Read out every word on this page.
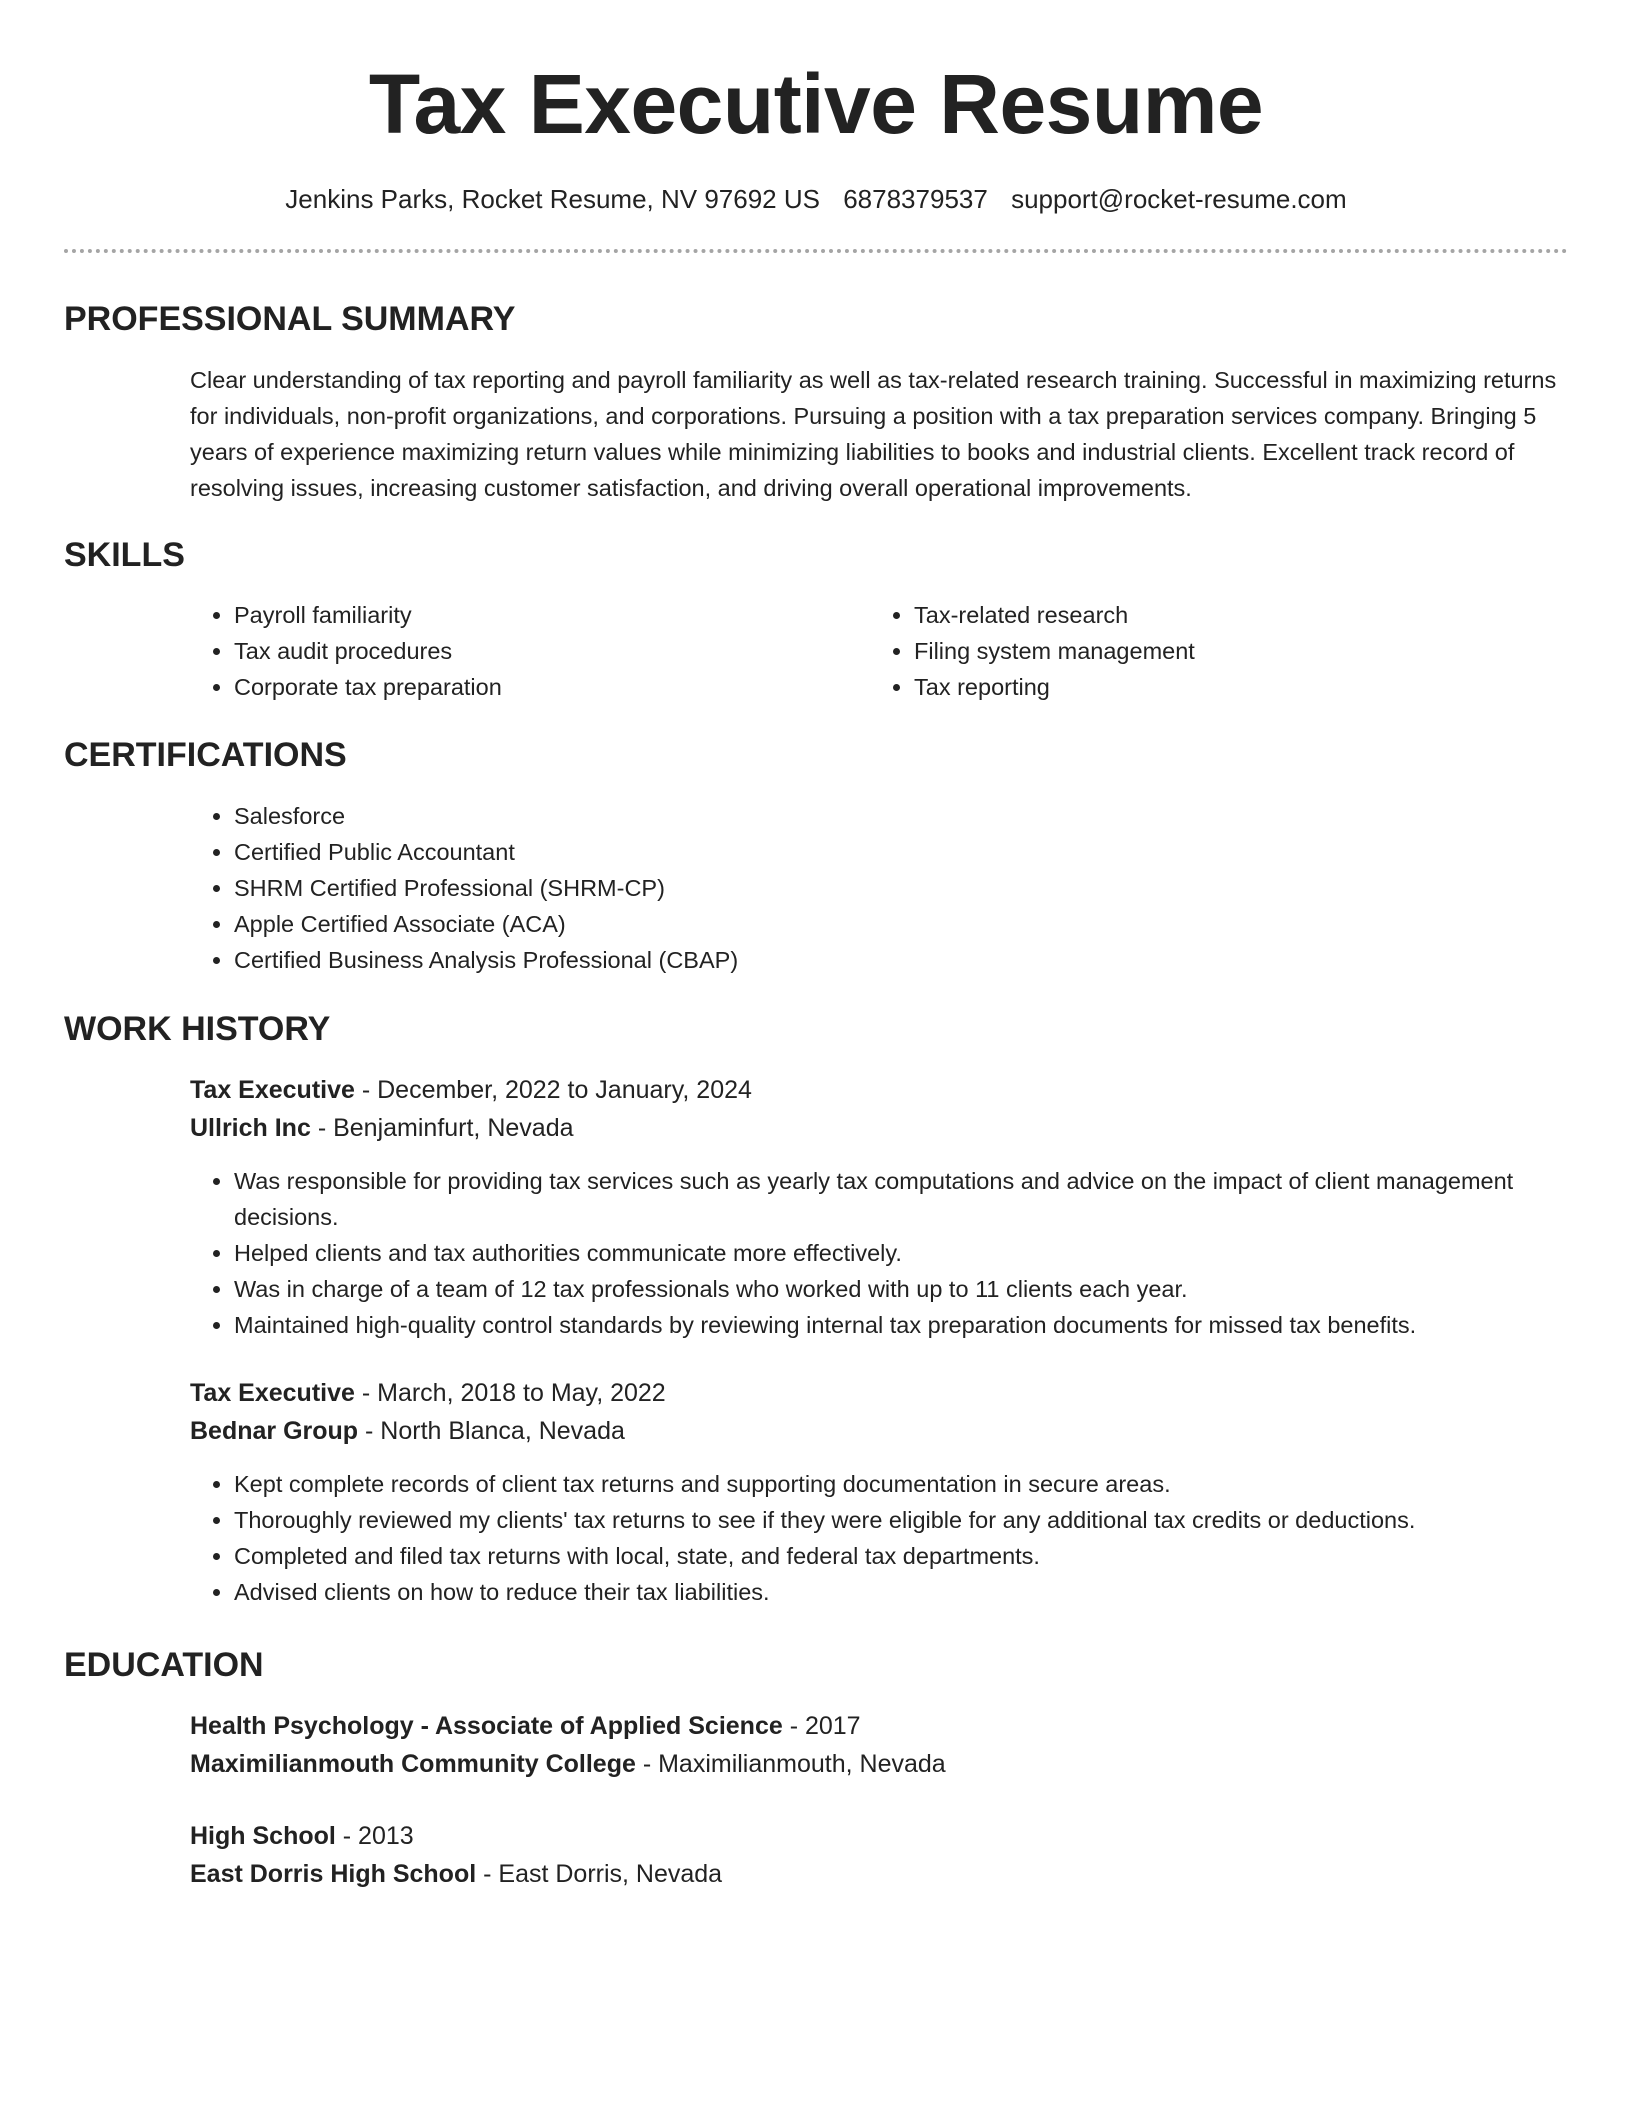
Tax Executive Resume
Jenkins Parks, Rocket Resume, NV 97692 US 6878379537 support@rocket-resume.com
PROFESSIONAL SUMMARY
Clear understanding of tax reporting and payroll familiarity as well as tax-related research training. Successful in maximizing returns for individuals, non-profit organizations, and corporations. Pursuing a position with a tax preparation services company. Bringing 5 years of experience maximizing return values while minimizing liabilities to books and industrial clients. Excellent track record of resolving issues, increasing customer satisfaction, and driving overall operational improvements.
SKILLS
• Payroll familiarity
• Tax audit procedures
• Corporate tax preparation
• Tax-related research
• Filing system management
• Tax reporting
CERTIFICATIONS
• Salesforce
• Certified Public Accountant
• SHRM Certified Professional (SHRM-CP)
• Apple Certified Associate (ACA)
• Certified Business Analysis Professional (CBAP)
WORK HISTORY

Tax Executive - December, 2022 to January, 2024

Ullrich Inc - Benjaminfurt, Nevada

• Was responsible for providing tax services such as yearly tax computations and advice on the impact of client management decisions.
• Helped clients and tax authorities communicate more effectively.
• Was in charge of a team of 12 tax professionals who worked with up to 11 clients each year.
• Maintained high-quality control standards by reviewing internal tax preparation documents for missed tax benefits.

Tax Executive - March, 2018 to May, 2022

Bednar Group - North Blanca, Nevada

• Kept complete records of client tax returns and supporting documentation in secure areas.
• Thoroughly reviewed my clients' tax returns to see if they were eligible for any additional tax credits or deductions.
• Completed and filed tax returns with local, state, and federal tax departments.
• Advised clients on how to reduce their tax liabilities.
EDUCATION

Health Psychology - Associate of Applied Science - 2017

Maximilianmouth Community College - Maximilianmouth, Nevada

High School - 2013

East Dorris High School - East Dorris, Nevada
